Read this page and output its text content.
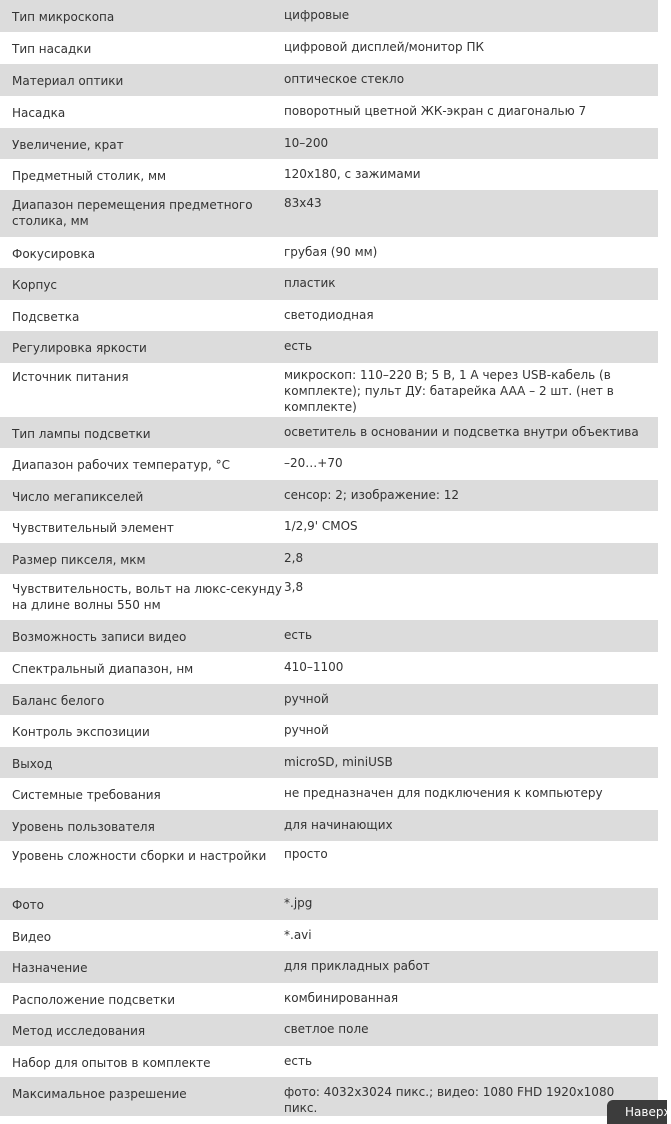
Тип микроскопа	цифровые
Тип насадки	цифровой дисплей/монитор ПК
Материал оптики	оптическое стекло
Насадка	поворотный цветной ЖК-экран с диагональю 7
Увеличение, крат	10–200
Предметный столик, мм	120x180, с зажимами
Диапазон перемещения предметного столика, мм	83x43
Фокусировка	грубая (90 мм)
Корпус	пластик
Подсветка	светодиодная
Регулировка яркости	есть
Источник питания	микроскоп: 110–220 В; 5 В, 1 А через USB-кабель (в комплекте); пульт ДУ: батарейка AAA – 2 шт. (нет в комплекте)
Тип лампы подсветки	осветитель в основании и подсветка внутри объектива
Диапазон рабочих температур, °С	–20…+70
Число мегапикселей	сенсор: 2; изображение: 12
Чувствительный элемент	1/2,9' CMOS
Размер пикселя, мкм	2,8
Чувствительность, вольт на люкс-секунду на длине волны 550 нм	3,8
Возможность записи видео	есть
Спектральный диапазон, нм	410–1100
Баланс белого	ручной
Контроль экспозиции	ручной
Выход	microSD, miniUSB
Системные требования	не предназначен для подключения к компьютеру
Уровень пользователя	для начинающих
Уровень сложности сборки и настройки	просто
Фото	*.jpg
Видео	*.avi
Назначение	для прикладных работ
Расположение подсветки	комбинированная
Метод исследования	светлое поле
Набор для опытов в комплекте	есть
Максимальное разрешение	фото: 4032x3024 пикс.; видео: 1080 FHD 1920x1080 пикс.	Наверх
